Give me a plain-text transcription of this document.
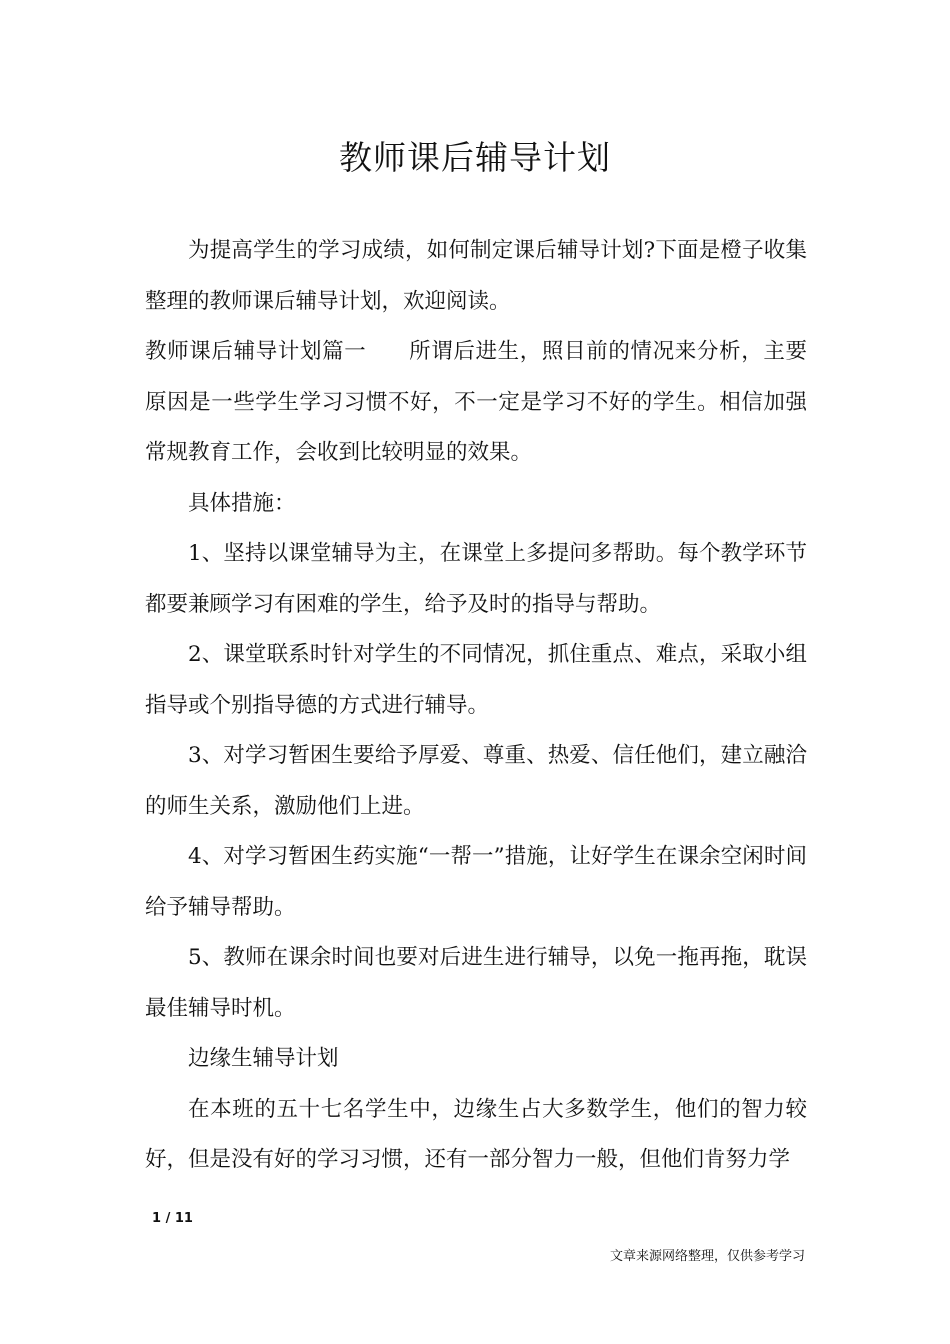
教师课后辅导计划

为提高学生的学习成绩，如何制定课后辅导计划?下面是橙子收集整理的教师课后辅导计划，欢迎阅读。

教师课后辅导计划篇一 所谓后进生，照目前的情况来分析，主要原因是一些学生学习习惯不好，不一定是学习不好的学生。相信加强常规教育工作，会收到比较明显的效果。

具体措施：

1、坚持以课堂辅导为主，在课堂上多提问多帮助。每个教学环节都要兼顾学习有困难的学生，给予及时的指导与帮助。

2、课堂联系时针对学生的不同情况，抓住重点、难点，采取小组指导或个别指导德的方式进行辅导。

3、对学习暂困生要给予厚爱、尊重、热爱、信任他们，建立融洽的师生关系，激励他们上进。

4、对学习暂困生药实施“一帮一”措施，让好学生在课余空闲时间给予辅导帮助。

5、教师在课余时间也要对后进生进行辅导，以免一拖再拖，耽误最佳辅导时机。

边缘生辅导计划

在本班的五十七名学生中，边缘生占大多数学生，他们的智力较好，但是没有好的学习习惯，还有一部分智力一般，但他们肯努力学

1 / 11
文章来源网络整理，仅供参考学习
